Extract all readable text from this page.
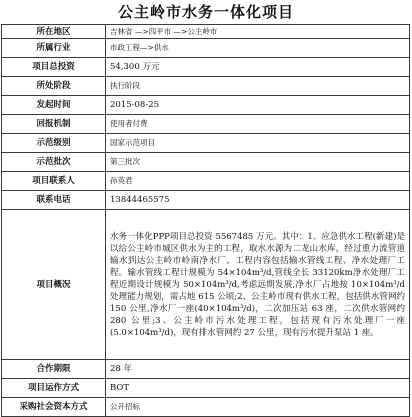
公主岭市水务一体化项目
所在地区	吉林省 —>四平市 —>公主岭市
所属行业	市政工程—>供水
项目总投资	54,300 万元
所处阶段	执行阶段
发起时间	2015-08-25
回报机制	使用者付费
示范级别	国家示范项目
示范批次	第三批次
项目联系人	孙英君
联系电话	13844465575
项目概况	水务一体化PPP项目总投资 5567485 万元。其中：1、应急供水工程(新建)是以给公主岭市城区供水为主的工程，取水水源为二龙山水库，经过重力流管道输水到达公主岭市岭南净水厂。工程内容包括输水管线工程、净水处理厂工程。输水管线工程计规模为 54×104m³/d,管线全长 33120km净水处理厂工程近期设计规模为 50×104m³/d,考虑远期发展,净水厂占地按 10×104m³/d 处理能力规划，需占地 615 公顷;2、公主岭市现有供水工程，包括供水管网约 150 公里,净水厂一座(40×104m³/d)，二次加压站 63 座，二次供水管网约 280 公里;3、公主岭市污水处理工程，包括现有污水处理厂一座(5.0×104m³/d)，现有排水管网约 27 公里，现有污水提升泵站 1 座。
合作期限	28 年
项目运作方式	BOT
采购社会资本方式	公开招标
